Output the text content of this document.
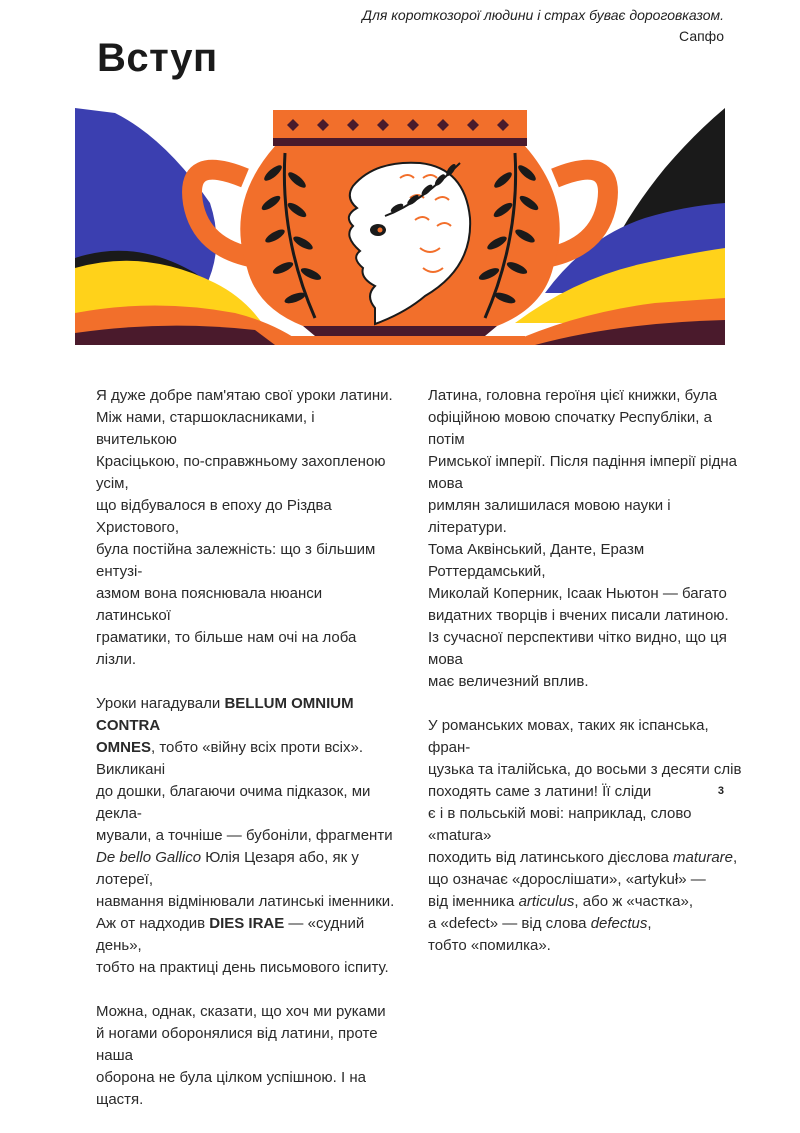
Для короткозорої людини і страх буває дороговказом.
Сапфо
Вступ

Я дуже добре пам'ятаю свої уроки латини.
Між нами, старшокласниками, і вчителькою
Красіцькою, по-справжньому захопленою усім,
що відбувалося в епоху до Різдва Христового,
була постійна залежність: що з більшим ентузі-
азмом вона пояснювала нюанси латинської
граматики, то більше нам очі на лоба лізли.

Уроки нагадували BELLUM OMNIUM CONTRA
OMNES, тобто «війну всіх проти всіх». Викликані
до дошки, благаючи очима підказок, ми декла-
мували, а точніше — бубоніли, фрагменти
De bello Gallico Юлія Цезаря або, як у лотереї,
навмання відмінювали латинські іменники.
Аж от надходив DIES IRAE — «судний день»,
тобто на практиці день письмового іспиту.

Можна, однак, сказати, що хоч ми руками
й ногами оборонялися від латини, проте наша
оборона не була цілком успішною. І на щастя.

Латина, головна героїня цієї книжки, була
офіційною мовою спочатку Республіки, а потім
Римської імперії. Після падіння імперії рідна мова
римлян залишилася мовою науки і літератури.
Тома Аквінський, Данте, Еразм Роттердамський,
Миколай Коперник, Ісаак Ньютон — багато
видатних творців і вчених писали латиною.
Із сучасної перспективи чітко видно, що ця мова
має величезний вплив.

У романських мовах, таких як іспанська, фран-
цузька та італійська, до восьми з десяти слів
походять саме з латини! Її сліди
є і в польській мові: наприклад, слово «matura»
походить від латинського дієслова maturare,
що означає «дорослішати», «artykuł» —
від іменника articulus, або ж «частка»,
а «defect» — від слова defectus,
тобто «помилка».

3
